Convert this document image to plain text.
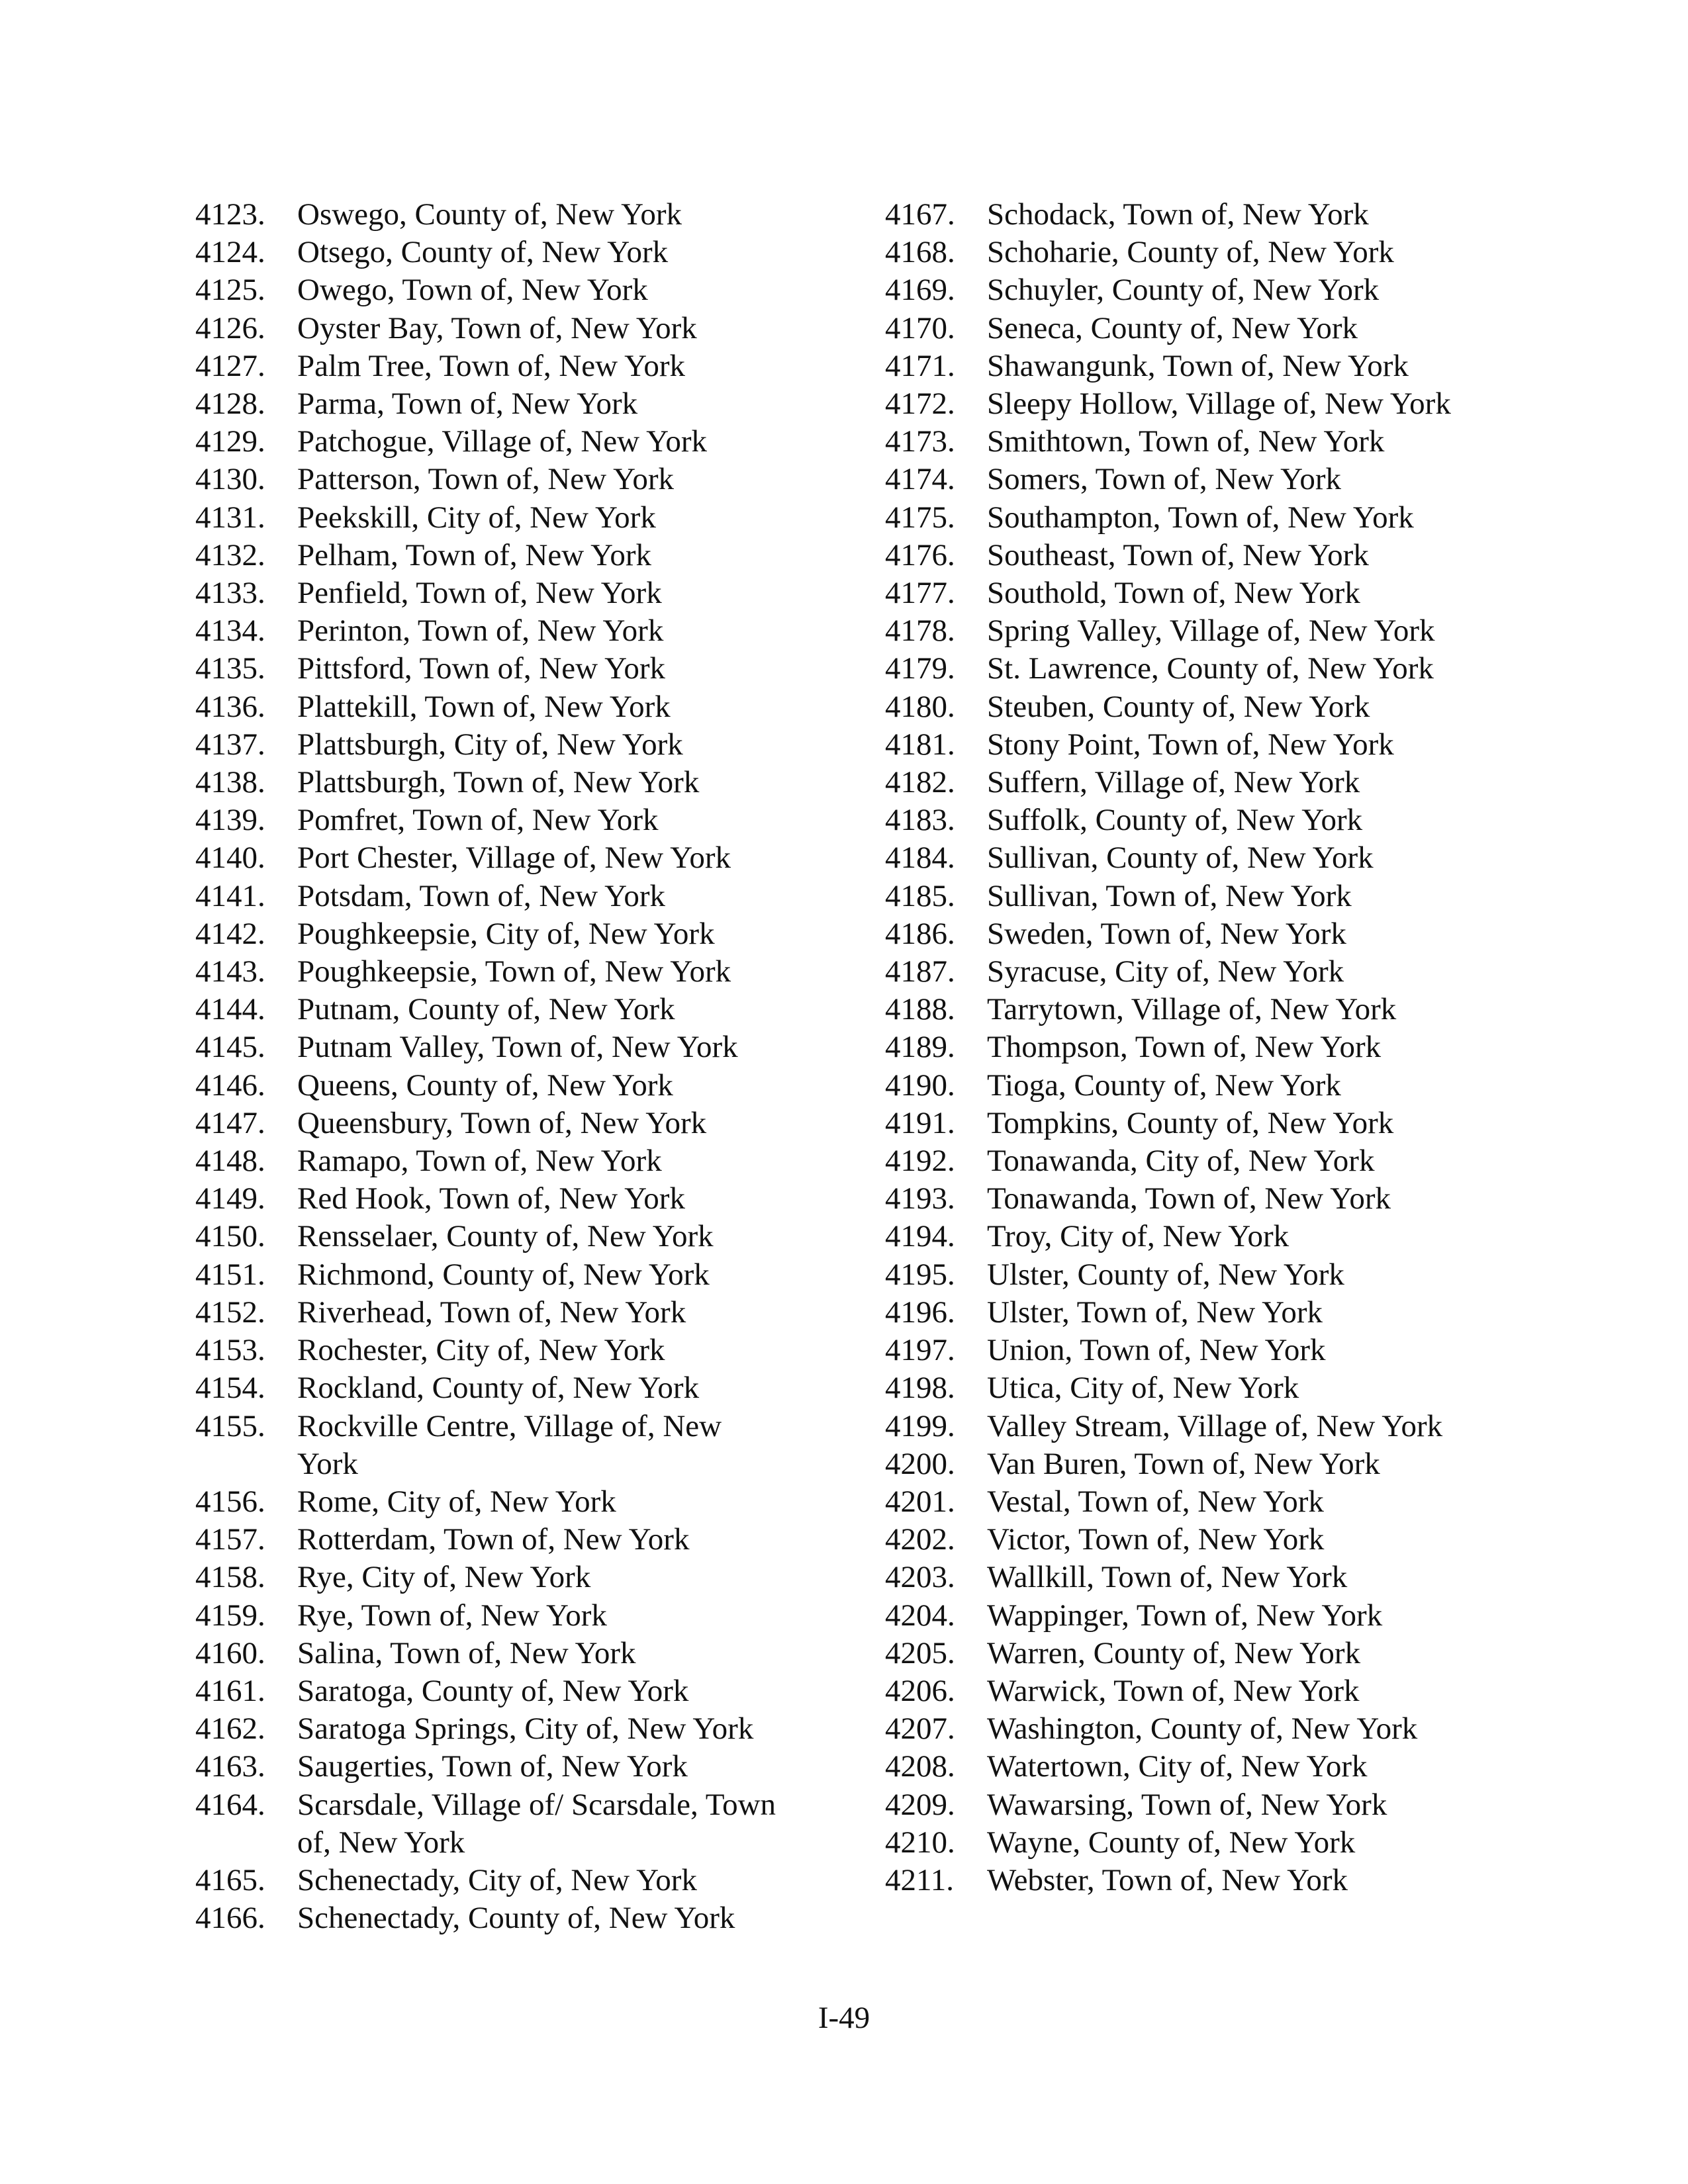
4123.	Oswego, County of, New York
4124.	Otsego, County of, New York
4125.	Owego, Town of, New York
4126.	Oyster Bay, Town of, New York
4127.	Palm Tree, Town of, New York
4128.	Parma, Town of, New York
4129.	Patchogue, Village of, New York
4130.	Patterson, Town of, New York
4131.	Peekskill, City of, New York
4132.	Pelham, Town of, New York
4133.	Penfield, Town of, New York
4134.	Perinton, Town of, New York
4135.	Pittsford, Town of, New York
4136.	Plattekill, Town of, New York
4137.	Plattsburgh, City of, New York
4138.	Plattsburgh, Town of, New York
4139.	Pomfret, Town of, New York
4140.	Port Chester, Village of, New York
4141.	Potsdam, Town of, New York
4142.	Poughkeepsie, City of, New York
4143.	Poughkeepsie, Town of, New York
4144.	Putnam, County of, New York
4145.	Putnam Valley, Town of, New York
4146.	Queens, County of, New York
4147.	Queensbury, Town of, New York
4148.	Ramapo, Town of, New York
4149.	Red Hook, Town of, New York
4150.	Rensselaer, County of, New York
4151.	Richmond, County of, New York
4152.	Riverhead, Town of, New York
4153.	Rochester, City of, New York
4154.	Rockland, County of, New York
4155.	Rockville Centre, Village of, New York
4156.	Rome, City of, New York
4157.	Rotterdam, Town of, New York
4158.	Rye, City of, New York
4159.	Rye, Town of, New York
4160.	Salina, Town of, New York
4161.	Saratoga, County of, New York
4162.	Saratoga Springs, City of, New York
4163.	Saugerties, Town of, New York
4164.	Scarsdale, Village of/ Scarsdale, Town of, New York
4165.	Schenectady, City of, New York
4166.	Schenectady, County of, New York
4167.	Schodack, Town of, New York
4168.	Schoharie, County of, New York
4169.	Schuyler, County of, New York
4170.	Seneca, County of, New York
4171.	Shawangunk, Town of, New York
4172.	Sleepy Hollow, Village of, New York
4173.	Smithtown, Town of, New York
4174.	Somers, Town of, New York
4175.	Southampton, Town of, New York
4176.	Southeast, Town of, New York
4177.	Southold, Town of, New York
4178.	Spring Valley, Village of, New York
4179.	St. Lawrence, County of, New York
4180.	Steuben, County of, New York
4181.	Stony Point, Town of, New York
4182.	Suffern, Village of, New York
4183.	Suffolk, County of, New York
4184.	Sullivan, County of, New York
4185.	Sullivan, Town of, New York
4186.	Sweden, Town of, New York
4187.	Syracuse, City of, New York
4188.	Tarrytown, Village of, New York
4189.	Thompson, Town of, New York
4190.	Tioga, County of, New York
4191.	Tompkins, County of, New York
4192.	Tonawanda, City of, New York
4193.	Tonawanda, Town of, New York
4194.	Troy, City of, New York
4195.	Ulster, County of, New York
4196.	Ulster, Town of, New York
4197.	Union, Town of, New York
4198.	Utica, City of, New York
4199.	Valley Stream, Village of, New York
4200.	Van Buren, Town of, New York
4201.	Vestal, Town of, New York
4202.	Victor, Town of, New York
4203.	Wallkill, Town of, New York
4204.	Wappinger, Town of, New York
4205.	Warren, County of, New York
4206.	Warwick, Town of, New York
4207.	Washington, County of, New York
4208.	Watertown, City of, New York
4209.	Wawarsing, Town of, New York
4210.	Wayne, County of, New York
4211.	Webster, Town of, New York
I-49
